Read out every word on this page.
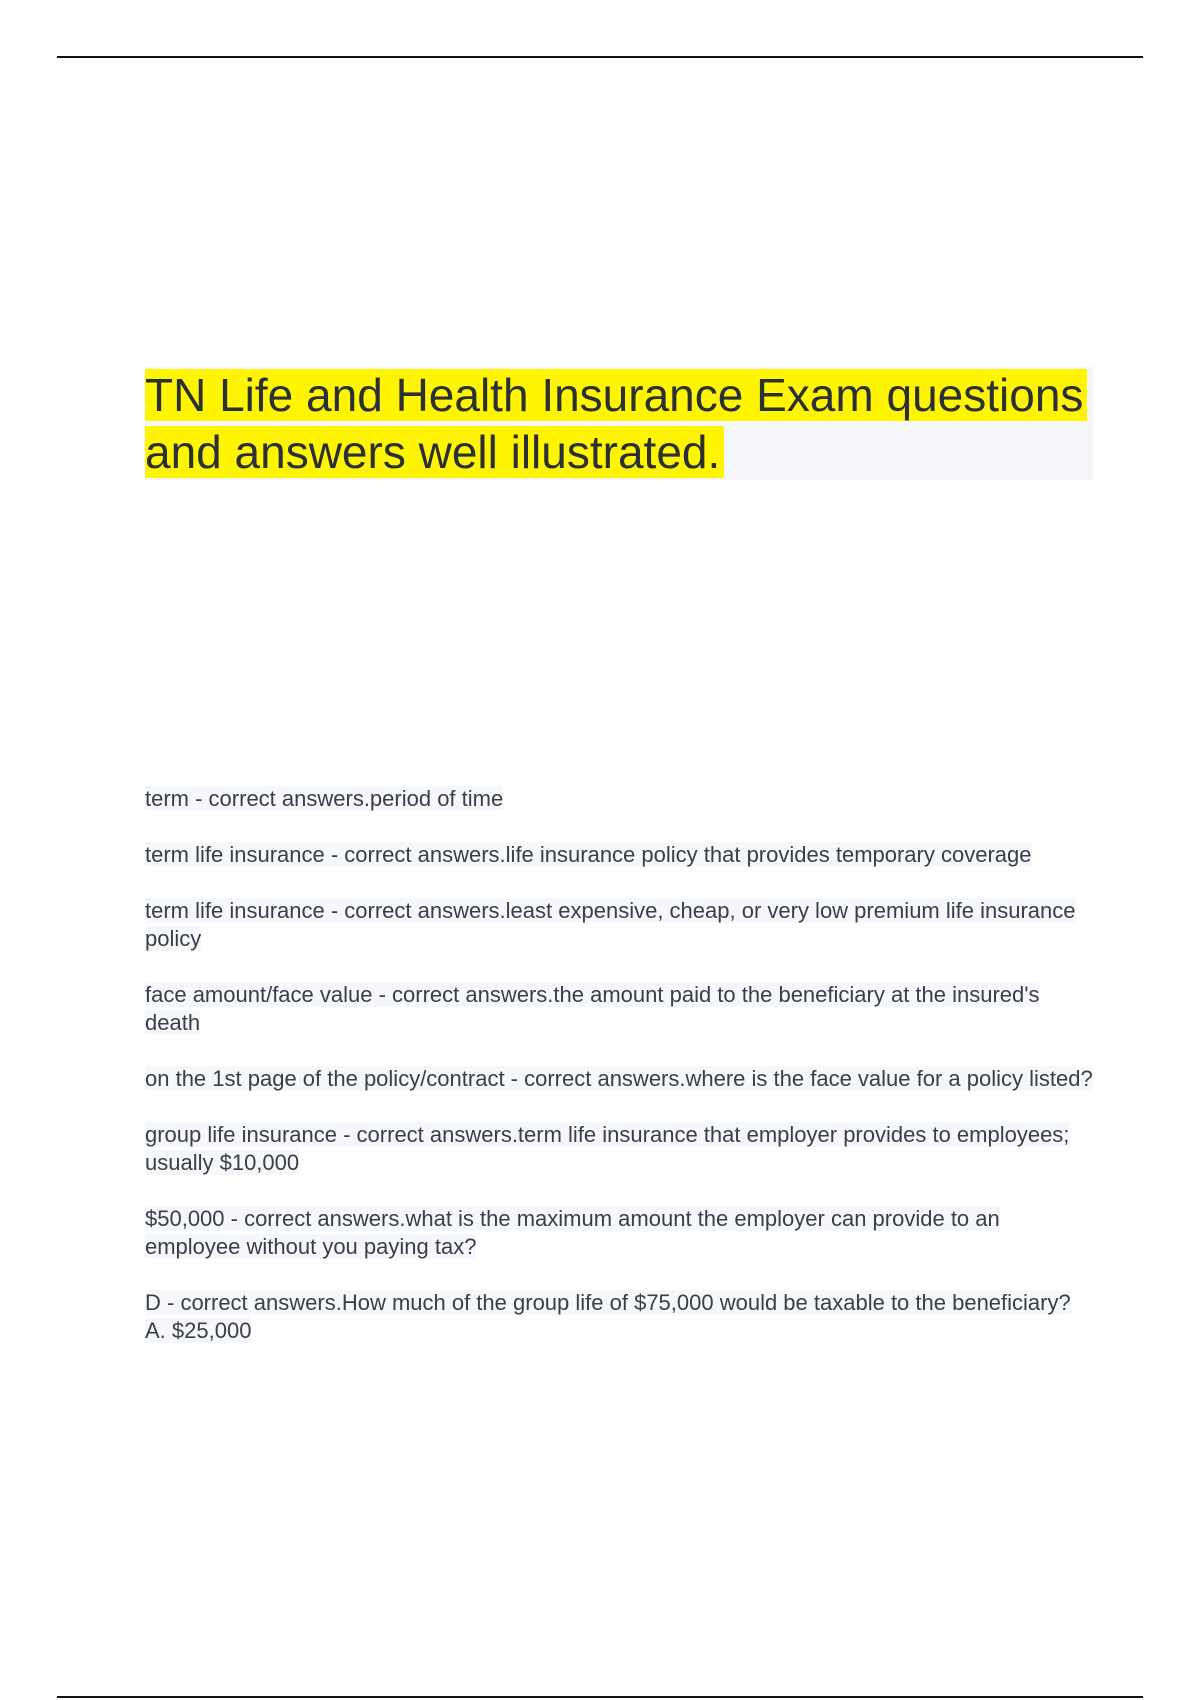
TN Life and Health Insurance Exam questions and answers well illustrated.
term - correct answers.period of time
term life insurance - correct answers.life insurance policy that provides temporary coverage
term life insurance - correct answers.least expensive, cheap, or very low premium life insurance policy
face amount/face value - correct answers.the amount paid to the beneficiary at the insured's death
on the 1st page of the policy/contract - correct answers.where is the face value for a policy listed?
group life insurance - correct answers.term life insurance that employer provides to employees; usually $10,000
$50,000 - correct answers.what is the maximum amount the employer can provide to an employee without you paying tax?
D - correct answers.How much of the group life of $75,000 would be taxable to the beneficiary?
A. $25,000
